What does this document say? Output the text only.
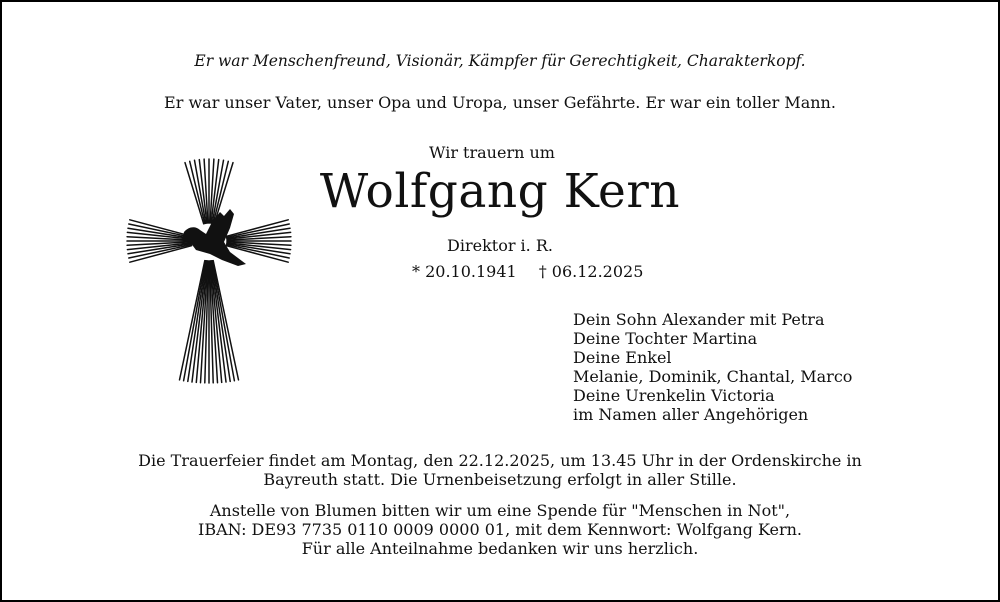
Er war Menschenfreund, Visionär, Kämpfer für Gerechtigkeit, Charakterkopf.
Er war unser Vater, unser Opa und Uropa, unser Gefährte. Er war ein toller Mann.
Wir trauern um
Wolfgang Kern
Direktor i. R.
* 20.10.1941 † 06.12.2025
Dein Sohn Alexander mit Petra
Deine Tochter Martina
Deine Enkel
Melanie, Dominik, Chantal, Marco
Deine Urenkelin Victoria
im Namen aller Angehörigen
Die Trauerfeier findet am Montag, den 22.12.2025, um 13.45 Uhr in der Ordenskirche in
Bayreuth statt. Die Urnenbeisetzung erfolgt in aller Stille.
Anstelle von Blumen bitten wir um eine Spende für "Menschen in Not",
IBAN: DE93 7735 0110 0009 0000 01, mit dem Kennwort: Wolfgang Kern.
Für alle Anteilnahme bedanken wir uns herzlich.
